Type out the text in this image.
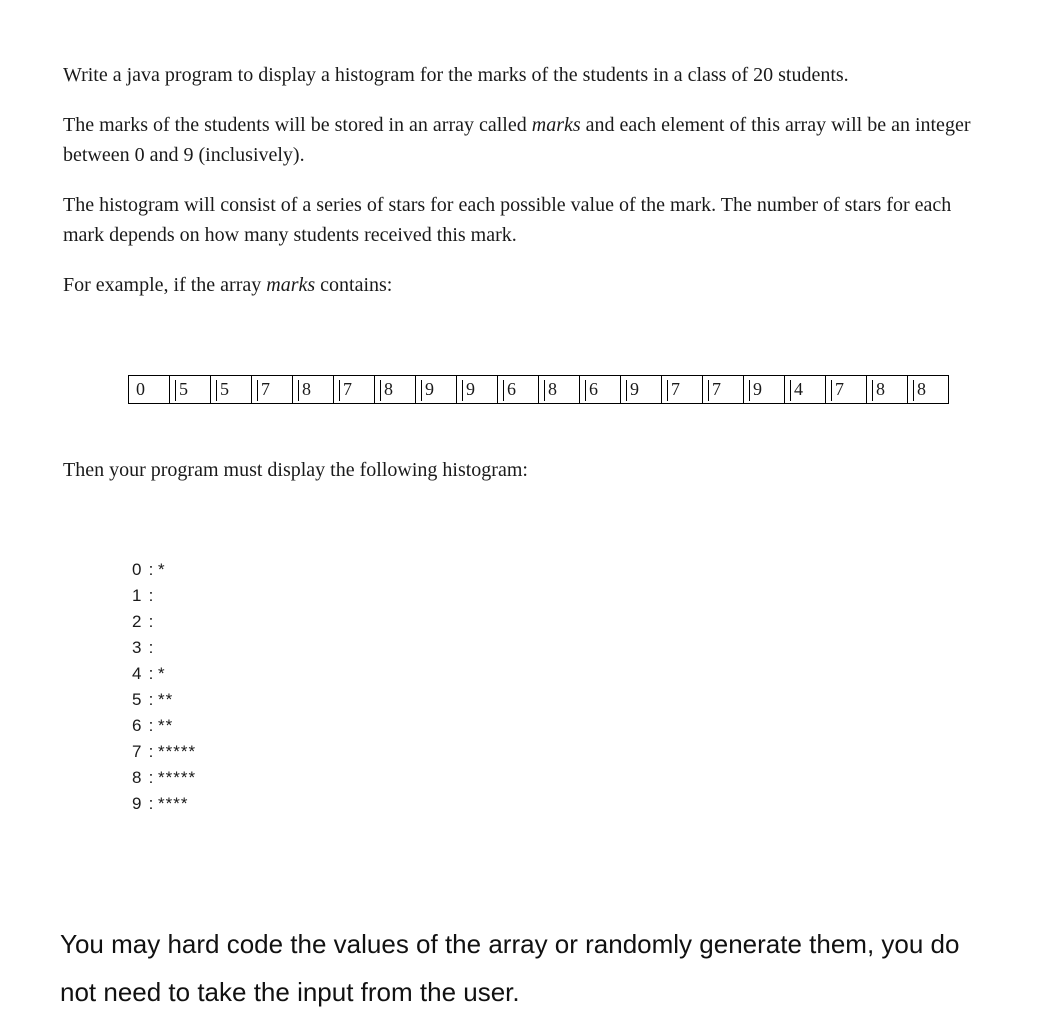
Write a java program to display a histogram for the marks of the students in a class of 20 students.

The marks of the students will be stored in an array called marks and each element of this array will be an integer between 0 and 9 (inclusively).

The histogram will consist of a series of stars for each possible value of the mark. The number of stars for each mark depends on how many students received this mark.

For example, if the array marks contains:

0	5	5	7	8	7	8	9	9	6	8	6	9	7	7	9	4	7	8	8

Then your program must display the following histogram:

0 : *
1 :
2 :
3 :
4 : *
5 : **
6 : **
7 : *****
8 : *****
9 : ****

You may hard code the values of the array or randomly generate them, you do not need to take the input from the user.
